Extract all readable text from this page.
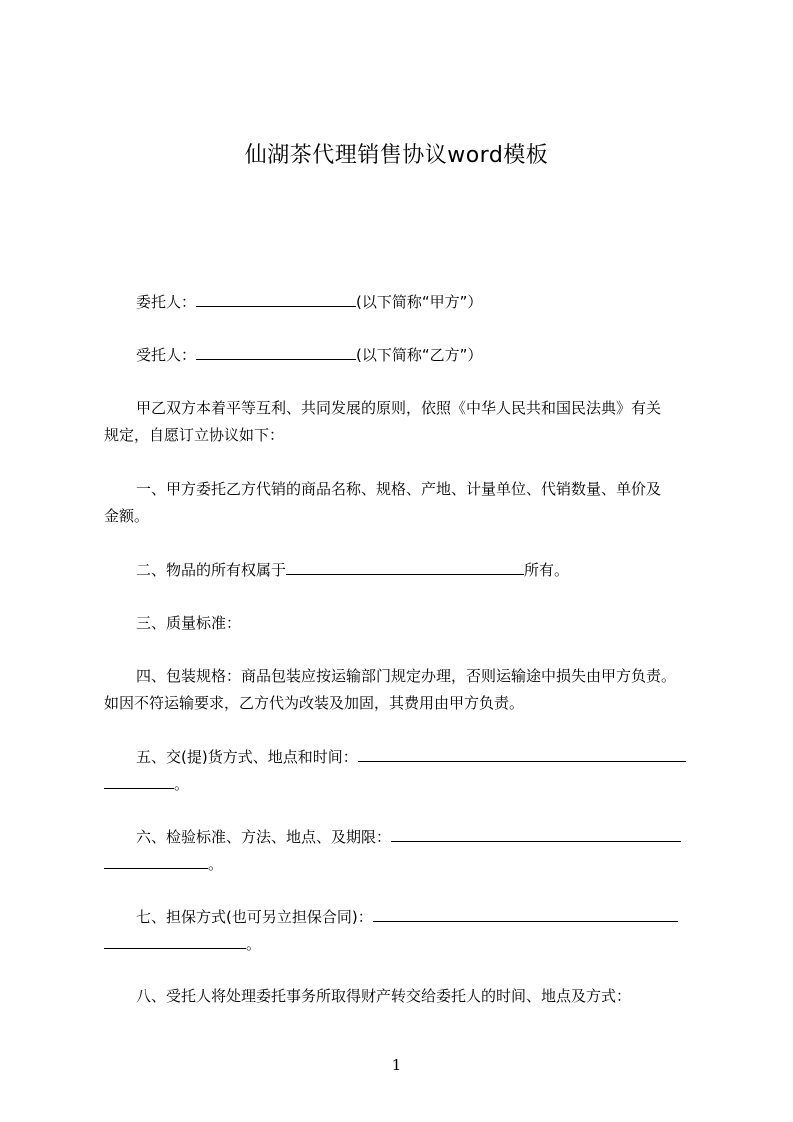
仙湖茶代理销售协议word模板
委托人：	(以下简称“甲方”）
受托人：	(以下简称“乙方”）
甲乙双方本着平等互利、共同发展的原则，依照《中华人民共和国民法典》有关
规定，自愿订立协议如下：
一、甲方委托乙方代销的商品名称、规格、产地、计量单位、代销数量、单价及
金额。
二、物品的所有权属于	所有。
三、质量标准：
四、包装规格：商品包装应按运输部门规定办理，否则运输途中损失由甲方负责。
如因不符运输要求，乙方代为改装及加固，其费用由甲方负责。
五、交(提)货方式、地点和时间：
。
六、检验标准、方法、地点、及期限：
。
七、担保方式(也可另立担保合同)：
。
八、受托人将处理委托事务所取得财产转交给委托人的时间、地点及方式：
1
